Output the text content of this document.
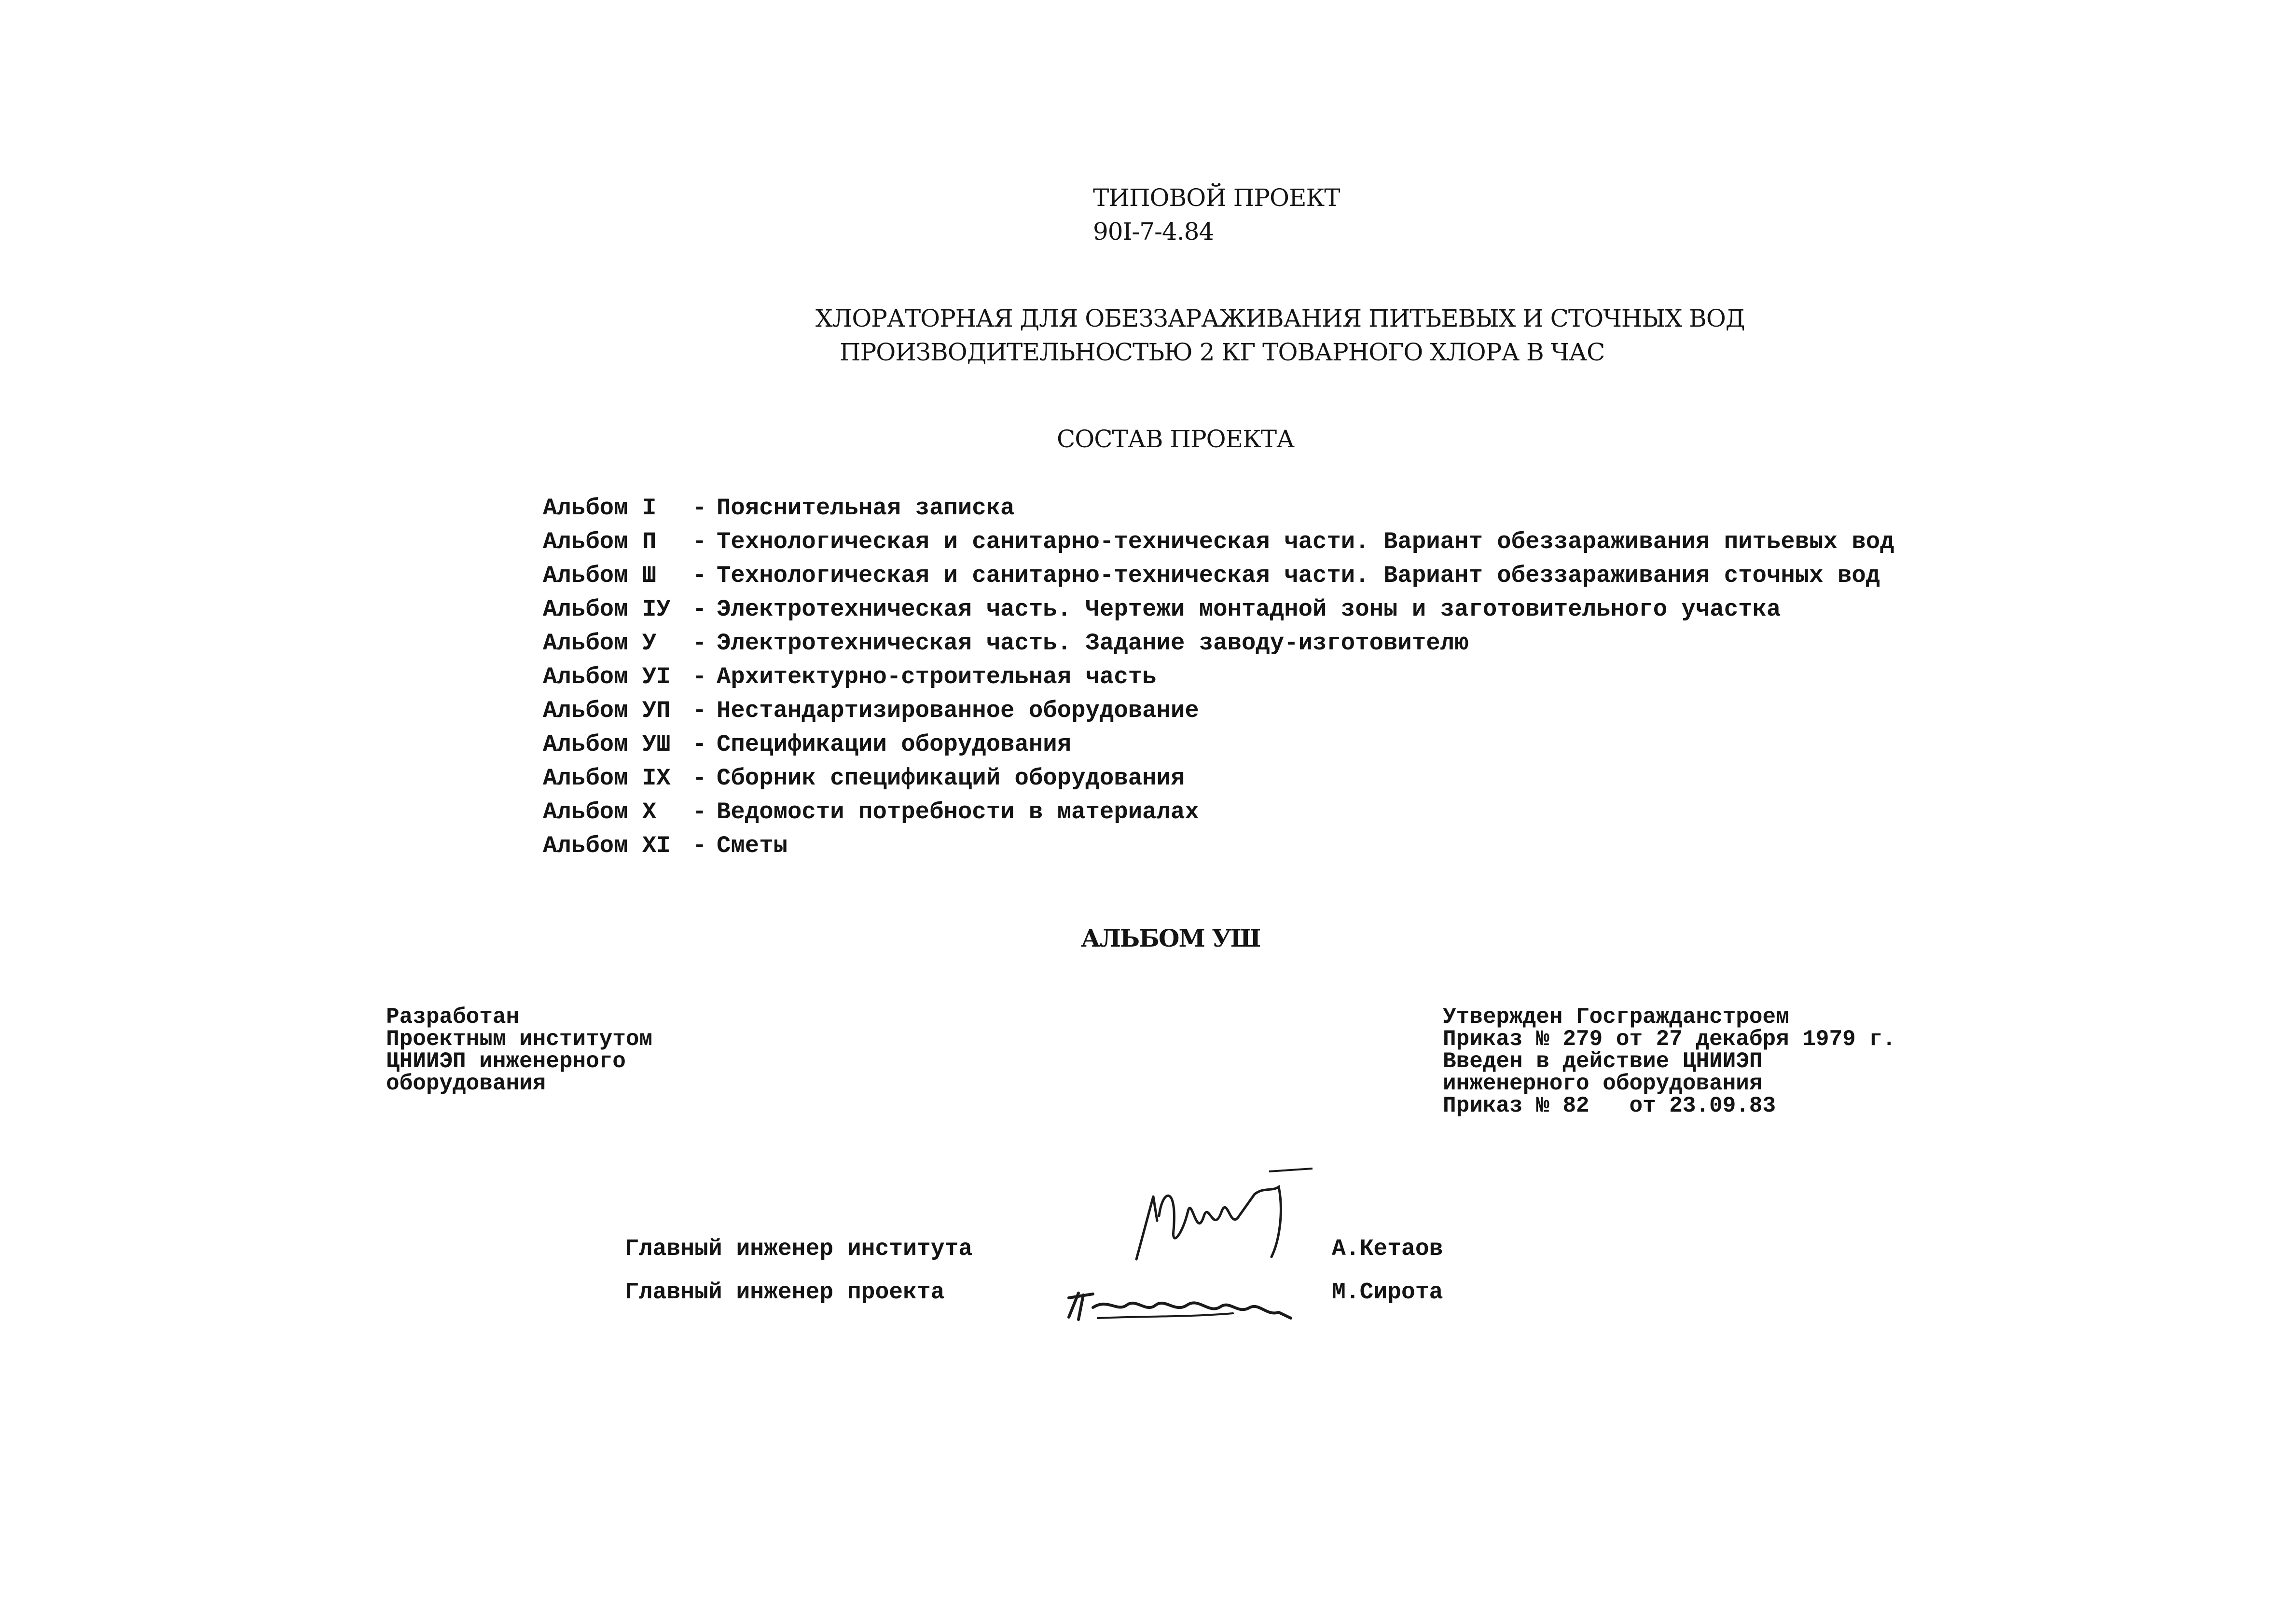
ТИПОВОЙ ПРОЕКТ
90I-7-4.84
ХЛОРАТОРНАЯ ДЛЯ ОБЕЗЗАРАЖИВАНИЯ ПИТЬЕВЫХ И СТОЧНЫХ ВОД
ПРОИЗВОДИТЕЛЬНОСТЬЮ 2 КГ ТОВАРНОГО ХЛОРА В ЧАС
СОСТАВ ПРОЕКТА

Альбом I

-

Пояснительная записка

Альбом П

-

Технологическая и санитарно-техническая части. Вариант обеззараживания питьевых вод

Альбом Ш

-

Технологическая и санитарно-техническая части. Вариант обеззараживания сточных вод

Альбом IУ

-

Электротехническая часть. Чертежи монтадной зоны и заготовительного участка

Альбом У

-

Электротехническая часть. Задание заводу-изготовителю

Альбом УI

-

Архитектурно-строительная часть

Альбом УП

-

Нестандартизированное оборудование

Альбом УШ

-

Спецификации оборудования

Альбом IX

-

Сборник спецификаций оборудования

Альбом X

-

Ведомости потребности в материалах

Альбом XI

-

Сметы

АЛЬБОМ УШ
Разработан
Проектным институтом
ЦНИИЭП инженерного
оборудования
Утвержден Госгражданстроем
Приказ № 279 от 27 декабря 1979 г.
Введен в действие ЦНИИЭП
инженерного оборудования
Приказ № 82   от 23.09.83
Главный инженер института	А.Кетаов
Главный инженер проекта	М.Сирота
